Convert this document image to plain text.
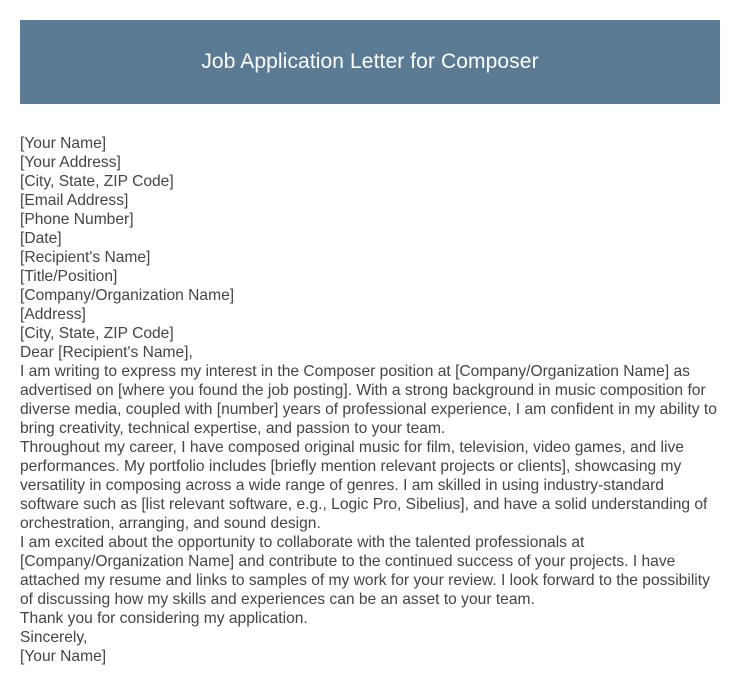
Job Application Letter for Composer

[Your Name]

[Your Address]

[City, State, ZIP Code]

[Email Address]

[Phone Number]

[Date]

[Recipient's Name]

[Title/Position]

[Company/Organization Name]

[Address]

[City, State, ZIP Code]

Dear [Recipient's Name],

I am writing to express my interest in the Composer position at [Company/Organization Name] as advertised on [where you found the job posting]. With a strong background in music composition for diverse media, coupled with [number] years of professional experience, I am confident in my ability to bring creativity, technical expertise, and passion to your team.

Throughout my career, I have composed original music for film, television, video games, and live performances. My portfolio includes [briefly mention relevant projects or clients], showcasing my versatility in composing across a wide range of genres. I am skilled in using industry-standard software such as [list relevant software, e.g., Logic Pro, Sibelius], and have a solid understanding of orchestration, arranging, and sound design.

I am excited about the opportunity to collaborate with the talented professionals at [Company/Organization Name] and contribute to the continued success of your projects. I have attached my resume and links to samples of my work for your review. I look forward to the possibility of discussing how my skills and experiences can be an asset to your team.

Thank you for considering my application.

Sincerely,

[Your Name]
